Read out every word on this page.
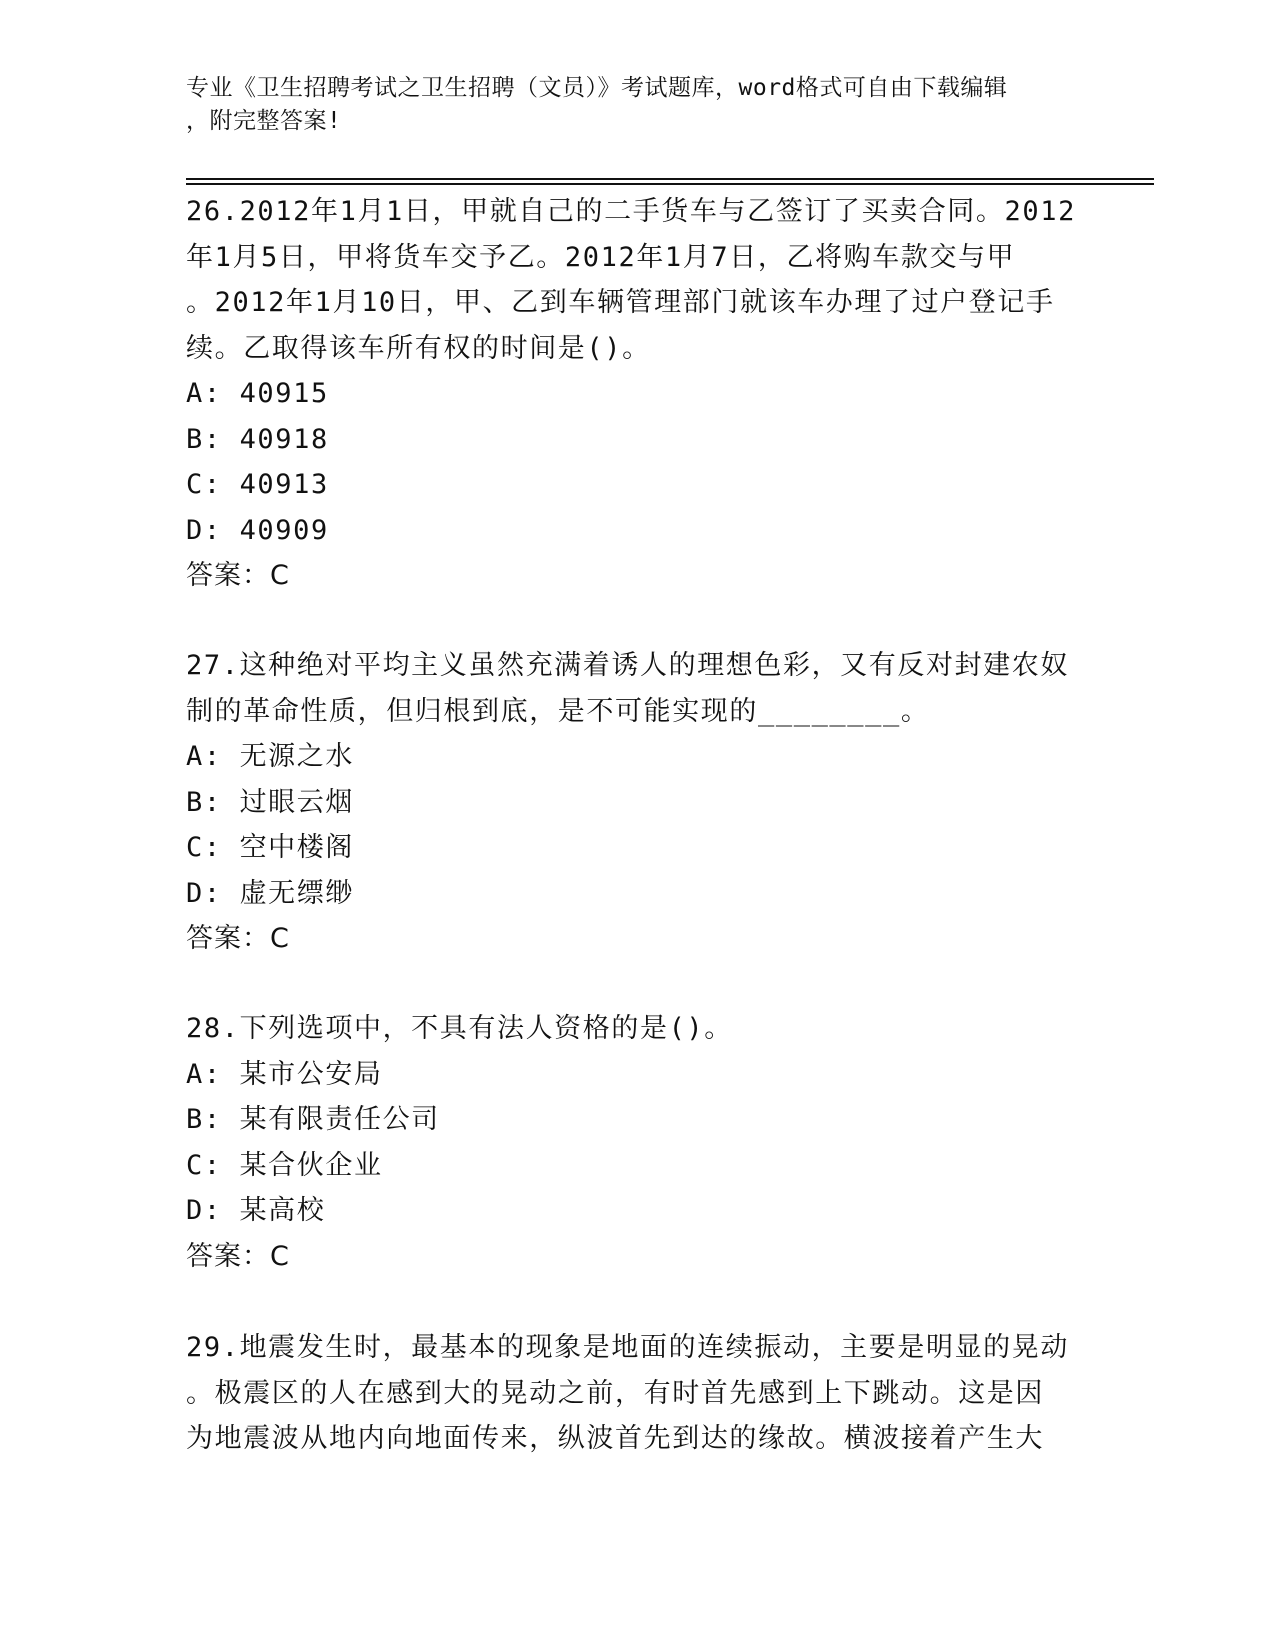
专业《卫生招聘考试之卫生招聘（文员）》考试题库，word格式可自由下载编辑
，附完整答案!
26.2012年1月1日，甲就自己的二手货车与乙签订了买卖合同。2012
年1月5日，甲将货车交予乙。2012年1月7日，乙将购车款交与甲
。2012年1月10日，甲、乙到车辆管理部门就该车办理了过户登记手
续。乙取得该车所有权的时间是()。
A: 40915
B: 40918
C: 40913
D: 40909
答案：C
27.这种绝对平均主义虽然充满着诱人的理想色彩，又有反对封建农奴
制的革命性质，但归根到底，是不可能实现的________。
A: 无源之水
B: 过眼云烟
C: 空中楼阁
D: 虚无缥缈
答案：C
28.下列选项中，不具有法人资格的是()。
A: 某市公安局
B: 某有限责任公司
C: 某合伙企业
D: 某高校
答案：C
29.地震发生时，最基本的现象是地面的连续振动，主要是明显的晃动
。极震区的人在感到大的晃动之前，有时首先感到上下跳动。这是因
为地震波从地内向地面传来，纵波首先到达的缘故。横波接着产生大
